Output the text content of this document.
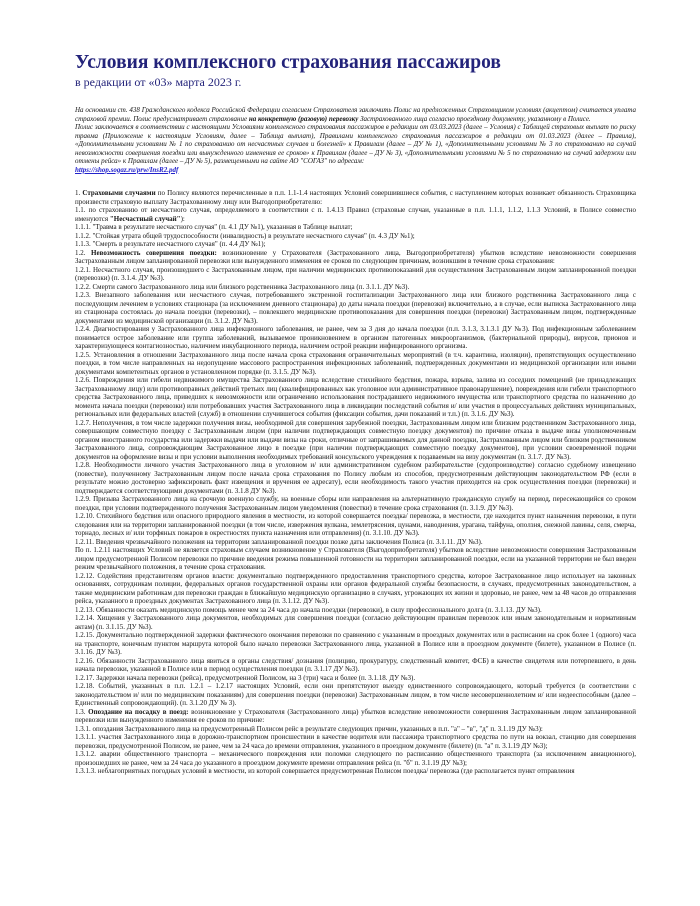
Условия комплексного страхования пассажиров
в редакции от «03» марта 2023 г.

На основании ст. 438 Гражданского кодекса Российской Федерации согласием Страхователя заключить Полис на предложенных Страховщиком условиях (акцептом) считается уплата страховой премии. Полис предусматривает страхование на конкретную (разовую) перевозку Застрахованного лица согласно проездному документу, указанному в Полисе.

Полис заключается в соответствии с настоящими Условиями комплексного страхования пассажиров в редакции от 03.03.2023 (далее – Условия) с Таблицей страховых выплат по риску травма (Приложение к настоящим Условиям, далее – Таблица выплат), Правилами комплексного страхования пассажиров в редакции от 01.03.2023 (далее – Правила), «Дополнительными условиями № 1 по страхованию от несчастных случаев и болезней» к Правилам (далее – ДУ № 1), «Дополнительными условиями № 3 по страхованию на случай невозможности совершения поездки или вынужденного изменения ее сроков» к Правилам (далее – ДУ № 3), «Дополнительными условиями № 5 по страхованию на случай задержки или отмены рейса» к Правилам (далее – ДУ № 5), размещенными на сайте АО "СОГАЗ" по адресам:

https://shop.sogaz.ru/prw/InsR2.pdf

1. Страховыми случаями по Полису являются перечисленные в п.п. 1.1-1.4 настоящих Условий совершившиеся события, с наступлением которых возникает обязанность Страховщика произвести страховую выплату Застрахованному лицу или Выгодоприобретателю:

1.1. по страхованию от несчастного случая, определяемого в соответствии с п. 1.4.13 Правил (страховые случаи, указанные в п.п. 1.1.1, 1.1.2, 1.1.3 Условий, в Полисе совместно именуются "Несчастный случай"):

1.1.1. "Травма в результате несчастного случая" (п. 4.1 ДУ №1), указанная в Таблице выплат;

1.1.2. "Стойкая утрата общей трудоспособности (инвалидность) в результате несчастного случая" (п. 4.3 ДУ №1);

1.1.3. "Смерть в результате несчастного случая" (п. 4.4 ДУ №1);

1.2. Невозможность совершения поездки: возникновение у Страхователя (Застрахованного лица, Выгодоприобретателя) убытков вследствие невозможности совершения Застрахованным лицом запланированной перевозки или вынужденного изменения ее сроков по следующим причинам, возникшим в течение срока страхования:

1.2.1. Несчастного случая, произошедшего с Застрахованным лицом, при наличии медицинских противопоказаний для осуществления Застрахованным лицом запланированной поездки (перевозки) (п. 3.1.4. ДУ №3).

1.2.2. Смерти самого Застрахованного лица или близкого родственника Застрахованного лица (п. 3.1.1. ДУ №3).

1.2.3. Внезапного заболевания или несчастного случая, потребовавшего экстренной госпитализации Застрахованного лица или близкого родственника Застрахованного лица с последующим лечением в условиях стационара (за исключением дневного стационара) до даты начала поездки (перевозки) включительно, а в случае, если выписка Застрахованного лица из стационара состоялась до начала поездки (перевозки), – повлекшего медицинские противопоказания для совершения поездки (перевозки) Застрахованным лицом, подтвержденные документами из медицинской организации (п. 3.1.2. ДУ №3).

1.2.4. Диагностирования у Застрахованного лица инфекционного заболевания, не ранее, чем за 3 дня до начала поездки (п.п. 3.1.3, 3.1.3.1 ДУ №3). Под инфекционным заболеванием понимается острое заболевание или группа заболеваний, вызываемое проникновением в организм патогенных микроорганизмов, (бактериальной природы), вирусов, прионов и характеризующееся контагиозностью, наличием инкубационного периода, наличием острой реакции инфицированного организма.

1.2.5. Установления в отношении Застрахованного лица после начала срока страхования ограничительных мероприятий (в т.ч. карантина, изоляции), препятствующих осуществлению поездки, в том числе направленных на недопущение массового распространения инфекционных заболеваний, подтвержденных документами из медицинской организации или иными документами компетентных органов в установленном порядке (п. 3.1.5. ДУ №3).

1.2.6. Повреждения или гибели недвижимого имущества Застрахованного лица вследствие стихийного бедствия, пожара, взрыва, залива из соседних помещений (не принадлежащих Застрахованному лицу) или противоправных действий третьих лиц (квалифицированных как уголовное или административное правонарушение), повреждения или гибели транспортного средства Застрахованного лица, приведших к невозможности или ограничению использования пострадавшего недвижимого имущества или транспортного средства по назначению до момента начала поездки (перевозки) или потребовавших участия Застрахованного лица в ликвидации последствий события и/ или участия в процессуальных действиях муниципальных, региональных или федеральных властей (служб) в отношении случившегося события (фиксации события, дачи показаний и т.п.) (п. 3.1.6. ДУ №3).

1.2.7. Неполучения, в том числе задержки получения визы, необходимой для совершения зарубежной поездки, Застрахованным лицом или близким родственником Застрахованного лица, совершающим совместную поездку с Застрахованным лицом (при наличии подтверждающих совместную поездку документов) по причине отказа в выдаче визы уполномоченным органом иностранного государства или задержки выдачи или выдачи визы на сроки, отличные от запрашиваемых для данной поездки, Застрахованным лицом или близким родственником Застрахованного лица, сопровождающим Застрахованное лицо в поездке (при наличии подтверждающих совместную поездку документов), при условии своевременной подачи документов на оформление визы и при условии выполнения необходимых требований консульского учреждения к подаваемым на визу документам (п. 3.1.7. ДУ №3).

1.2.8. Необходимости личного участия Застрахованного лица в уголовном и/ или административном судебном разбирательстве (судопроизводстве) согласно судебному извещению (повестке), полученному Застрахованным лицом после начала срока страхования по Полису любым из способов, предусмотренным действующим законодательством РФ (если в результате можно достоверно зафиксировать факт извещения и вручения ее адресату), если необходимость такого участия приходится на срок осуществления поездки (перевозки) и подтверждается соответствующими документами (п. 3.1.8 ДУ №3).

1.2.9. Призыва Застрахованного лица на срочную военную службу, на военные сборы или направления на альтернативную гражданскую службу на период, пересекающийся со сроком поездки, при условии подтвержденного получения Застрахованным лицом уведомления (повестки) в течение срока страхования (п. 3.1.9. ДУ №3).

1.2.10. Стихийного бедствия или опасного природного явления в местности, из которой совершается поездка/ перевозка, в местности, где находится пункт назначения перевозки, в пути следования или на территории запланированной поездки (в том числе, извержения вулкана, землетрясения, цунами, наводнения, урагана, тайфуна, оползня, снежной лавины, селя, смерча, торнадо, лесных и/ или торфяных пожаров в окрестностях пункта назначения или отправления) (п. 3.1.10. ДУ №3).

1.2.11. Введения чрезвычайного положения на территории запланированной поездки позже даты заключения Полиса (п. 3.1.11. ДУ №3).

По п. 1.2.11 настоящих Условий не является страховым случаем возникновение у Страхователя (Выгодоприобретателя) убытков вследствие невозможности совершения Застрахованным лицом предусмотренной Полисом перевозки по причине введения режима повышенной готовности на территории запланированной поездки, если на указанной территории не был введен режим чрезвычайного положения, в течение срока страхования.

1.2.12. Содействия представителям органов власти: документально подтвержденного предоставления транспортного средства, которое Застрахованное лицо использует на законных основаниях, сотрудникам полиции, федеральных органов государственной охраны или органов федеральной службы безопасности, в случаях, предусмотренных законодательством, а также медицинским работникам для перевозки граждан в ближайшую медицинскую организацию в случаях, угрожающих их жизни и здоровью, не ранее, чем за 48 часов до отправления рейса, указанного в проездных документах Застрахованного лица (п. 3.1.12. ДУ №3).

1.2.13. Обязанности оказать медицинскую помощь менее чем за 24 часа до начала поездки (перевозки), в силу профессионального долга (п. 3.1.13. ДУ №3).

1.2.14. Хищения у Застрахованного лица документов, необходимых для совершения поездки (согласно действующим правилам перевозок или иным законодательным и нормативным актам) (п. 3.1.15. ДУ №3).

1.2.15. Документально подтвержденной задержки фактического окончания перевозки по сравнению с указанным в проездных документах или в расписании на срок более 1 (одного) часа на транспорте, конечным пунктом маршрута которой было начало перевозки Застрахованного лица, указанной в Полисе или в проездном документе (билете), указанном в Полисе (п. 3.1.16. ДУ №3).

1.2.16. Обязанности Застрахованного лица явиться в органы следствия/ дознания (полицию, прокуратуру, следственный комитет, ФСБ) в качестве свидетеля или потерпевшего, в день начала перевозки, указанной в Полисе или в период осуществления поездки (п. 3.1.17 ДУ №3).

1.2.17. Задержки начала перевозки (рейса), предусмотренной Полисом, на 3 (три) часа и более (п. 3.1.18. ДУ №3).

1.2.18. Событий, указанных в п.п. 1.2.1 – 1.2.17 настоящих Условий, если они препятствуют выезду единственного сопровождающего, который требуется (в соответствии с законодательством и/ или по медицинским показаниям) для совершения поездки (перевозки) Застрахованным лицом, в том числе несовершеннолетним и/ или недееспособным (далее – Единственный сопровождающий). (п. 3.1.20 ДУ № 3).

1.3. Опоздание на посадку в поезд: возникновение у Страхователя (Застрахованного лица) убытков вследствие невозможности совершения Застрахованным лицом запланированной перевозки или вынужденного изменения ее сроков по причине:

1.3.1. опоздания Застрахованного лица на предусмотренный Полисом рейс в результате следующих причин, указанных в п.п. "а" – "в", "д" п. 3.1.19 ДУ №3):

1.3.1.1. участия Застрахованного лица в дорожно-транспортном происшествии в качестве водителя или пассажира транспортного средства по пути на вокзал, станцию для совершения перевозки, предусмотренной Полисом, не ранее, чем за 24 часа до времени отправления, указанного в проездном документе (билете) (п. "а" п. 3.1.19 ДУ №3);

1.3.1.2. аварии общественного транспорта – механического повреждения или поломки следующего по расписанию общественного транспорта (за исключением авиационного), произошедших не ранее, чем за 24 часа до указанного в проездном документе времени отправления рейса (п. "б" п. 3.1.19 ДУ №3);

1.3.1.3. неблагоприятных погодных условий в местности, из которой совершается предусмотренная Полисом поездка/ перевозка (где располагается пункт отправления
